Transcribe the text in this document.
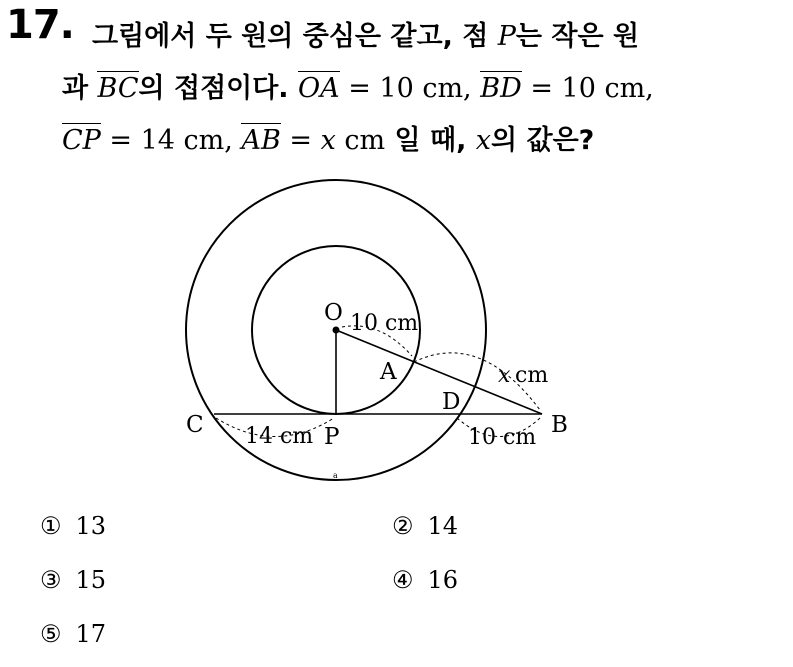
17. 그림에서 두 원의 중심은 같고, 점 P는 작은 원
과 BC의 접점이다. OA = 10 cm, BD = 10 cm,
CP = 14 cm, AB = x cm 일 때, x의 값은?
O
A
C	P
D
B
10 cm
x cm
14 cm	10 cm
a
① 13	② 14
③ 15	④ 16
⑤ 17
